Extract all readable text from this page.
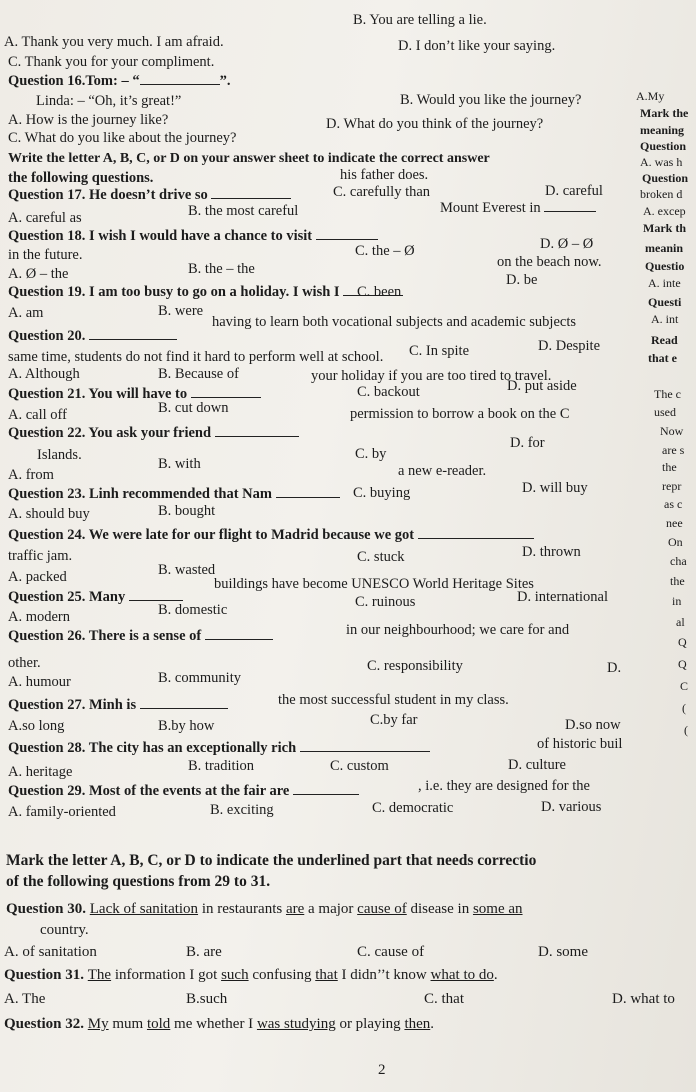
A. Thank you very much. I am afraid.
B. You are telling a lie.
C. Thank you for your compliment.
D. I don’t like your saying.
Question 16.Tom: – “	”.
Linda: – “Oh, it’s great!”
A. How is the journey like?
B. Would you like the journey?
C. What do you like about the journey?
D. What do you think of the journey?
Write the letter A, B, C, or D on your answer sheet to indicate the correct answer
the following questions.
Question 17. He doesn’t drive so
his father does.
A. careful as	B. the most careful
C. carefully than	D. careful
Question 18. I wish I would have a chance to visit
Mount Everest in
in the future.
A. Ø – the	B. the – the
C. the – Ø	D. Ø – Ø
Question 19. I am too busy to go on a holiday. I wish I
on the beach now.
A. am	B. were
C. been
D. be
Question 20.
having to learn both vocational subjects and academic subjects
same time, students do not find it hard to perform well at school.
A. Although	B. Because of
C. In spite	D. Despite
Question 21. You will have to
your holiday if you are too tired to travel.
A. call off	B. cut down
C. backout	D. put aside
Question 22. You ask your friend
permission to borrow a book on the C
Islands.
A. from
B. with
C. by
D. for
Question 23. Linh recommended that Nam
a new e-reader.
A. should buy	B. bought
C. buying	D. will buy
Question 24. We were late for our flight to Madrid because we got
traffic jam.
A. packed	B. wasted
C. stuck	D. thrown
Question 25. Many
buildings have become UNESCO World Heritage Sites
A. modern	B. domestic	C. ruinous	D. international
Question 26. There is a sense of	in our neighbourhood; we care for and
other.
A. humour	B. community
C. responsibility	D.
Question 27. Minh is	the most successful student in my class.
A.so long	B.by how	C.by far	D.so now
Question 28. The city has an exceptionally rich	of historic buil
A. heritage	B. tradition	C. custom	D. culture
Question 29. Most of the events at the fair are	, i.e. they are designed for the
A. family-oriented	B. exciting	C. democratic	D. various
Mark the letter A, B, C, or D to indicate the underlined part that needs correctio
of the following questions from 29 to 31.
Question 30. Lack of sanitation in restaurants are a major cause of disease in some an
country.
A. of sanitation	B. are	C. cause of	D. some
Question 31. The information I got such confusing that I didn’’t know what to do.
A. The	B.such	C. that	D. what to
Question 32. My mum told me whether I was studying or playing then.
A.My
Mark the
meaning
Question
A. was h
Question
broken d
A. excep
Mark th
meanin
Questio
A. inte
Questi
A. int
Read
that e
The c
used
Now
are s
the
repr
as c
nee
On
cha
the
in
al
Q
Q
C
(
(
2
